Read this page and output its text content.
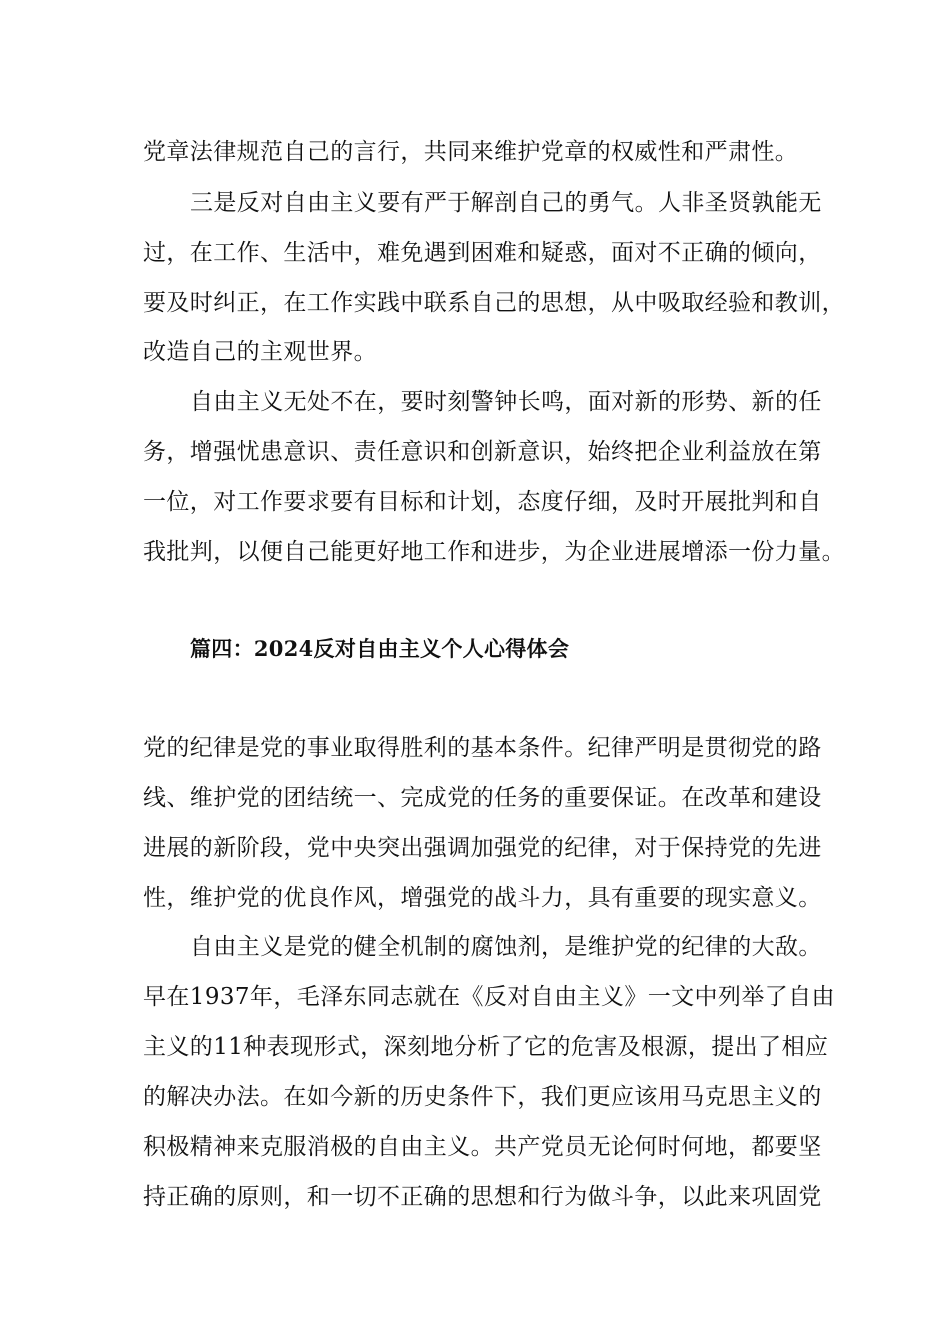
党章法律规范自己的言行，共同来维护党章的权威性和严肃性。

三是反对自由主义要有严于解剖自己的勇气。人非圣贤孰能无

过，在工作、生活中，难免遇到困难和疑惑，面对不正确的倾向，

要及时纠正，在工作实践中联系自己的思想，从中吸取经验和教训，

改造自己的主观世界。

自由主义无处不在，要时刻警钟长鸣，面对新的形势、新的任

务，增强忧患意识、责任意识和创新意识，始终把企业利益放在第

一位，对工作要求要有目标和计划，态度仔细，及时开展批判和自

我批判，以便自己能更好地工作和进步，为企业进展增添一份力量。

篇四：2024反对自由主义个人心得体会

党的纪律是党的事业取得胜利的基本条件。纪律严明是贯彻党的路

线、维护党的团结统一、完成党的任务的重要保证。在改革和建设

进展的新阶段，党中央突出强调加强党的纪律，对于保持党的先进

性，维护党的优良作风，增强党的战斗力，具有重要的现实意义。

自由主义是党的健全机制的腐蚀剂，是维护党的纪律的大敌。

早在1937年，毛泽东同志就在《反对自由主义》一文中列举了自由

主义的11种表现形式，深刻地分析了它的危害及根源，提出了相应

的解决办法。在如今新的历史条件下，我们更应该用马克思主义的

积极精神来克服消极的自由主义。共产党员无论何时何地，都要坚

持正确的原则，和一切不正确的思想和行为做斗争，以此来巩固党
